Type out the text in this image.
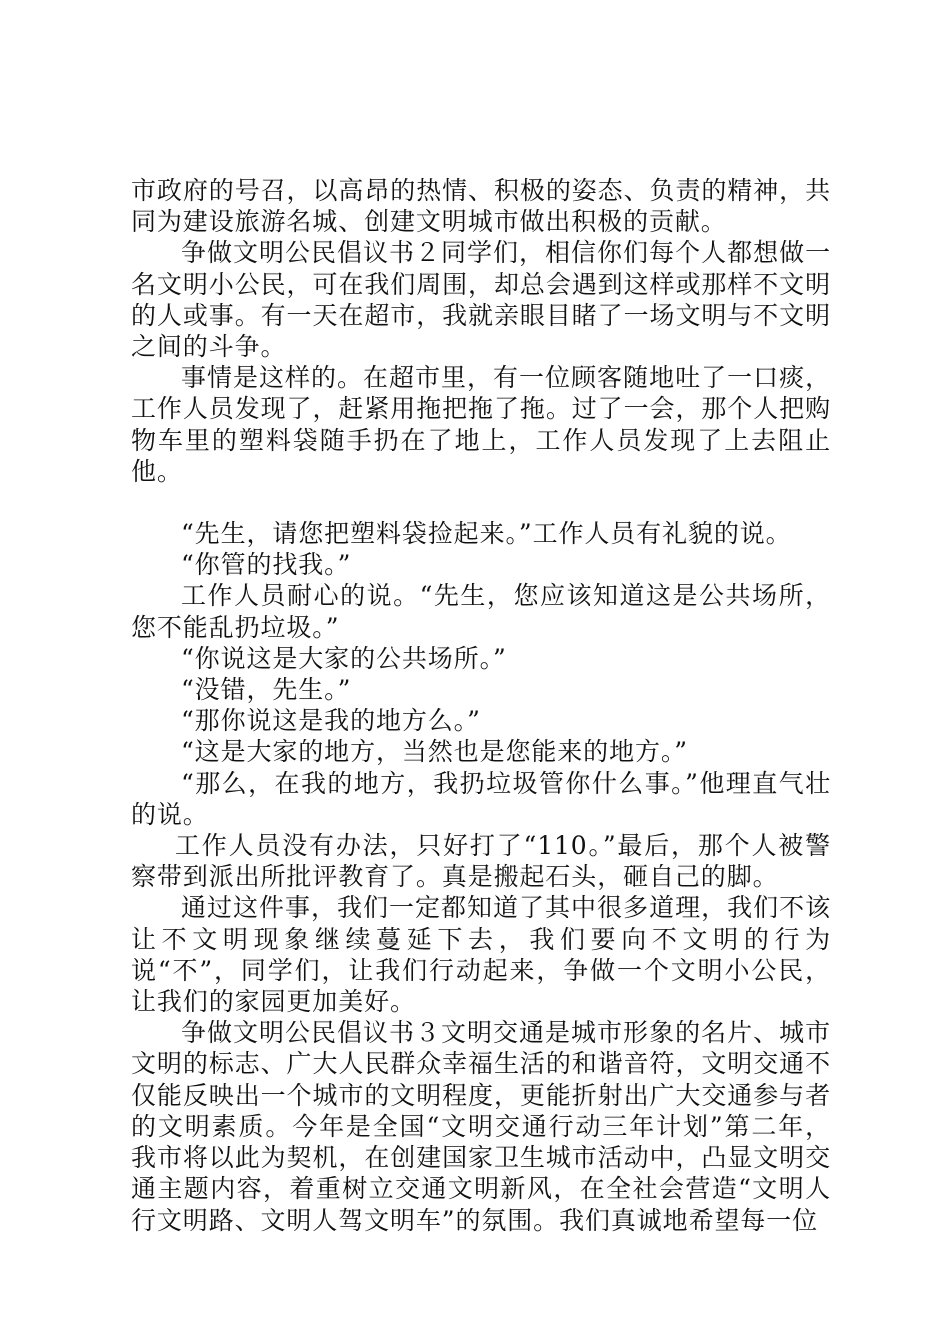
市政府的号召，以高昂的热情、积极的姿态、负责的精神，共同为建设旅游名城、创建文明城市做出积极的贡献。

争做文明公民倡议书２同学们，相信你们每个人都想做一名文明小公民，可在我们周围，却总会遇到这样或那样不文明的人或事。有一天在超市，我就亲眼目睹了一场文明与不文明之间的斗争。

事情是这样的。在超市里，有一位顾客随地吐了一口痰，工作人员发现了，赶紧用拖把拖了拖。过了一会，那个人把购物车里的塑料袋随手扔在了地上，工作人员发现了上去阻止他。

“先生，请您把塑料袋捡起来。”工作人员有礼貌的说。

“你管的找我。”

工作人员耐心的说。“先生，您应该知道这是公共场所，您不能乱扔垃圾。”

“你说这是大家的公共场所。”

“没错，先生。”

“那你说这是我的地方么。”

“这是大家的地方，当然也是您能来的地方。”

“那么，在我的地方，我扔垃圾管你什么事。”他理直气壮的说。

工作人员没有办法，只好打了“110。”最后，那个人被警察带到派出所批评教育了。真是搬起石头，砸自己的脚。

通过这件事，我们一定都知道了其中很多道理，我们不该让不文明现象继续蔓延下去，我们要向不文明的行为说“不”，同学们，让我们行动起来，争做一个文明小公民，让我们的家园更加美好。

争做文明公民倡议书３文明交通是城市形象的名片、城市文明的标志、广大人民群众幸福生活的和谐音符，文明交通不仅能反映出一个城市的文明程度，更能折射出广大交通参与者的文明素质。今年是全国“文明交通行动三年计划”第二年，我市将以此为契机，在创建国家卫生城市活动中，凸显文明交通主题内容，着重树立交通文明新风，在全社会营造“文明人行文明路、文明人驾文明车”的氛围。我们真诚地希望每一位
